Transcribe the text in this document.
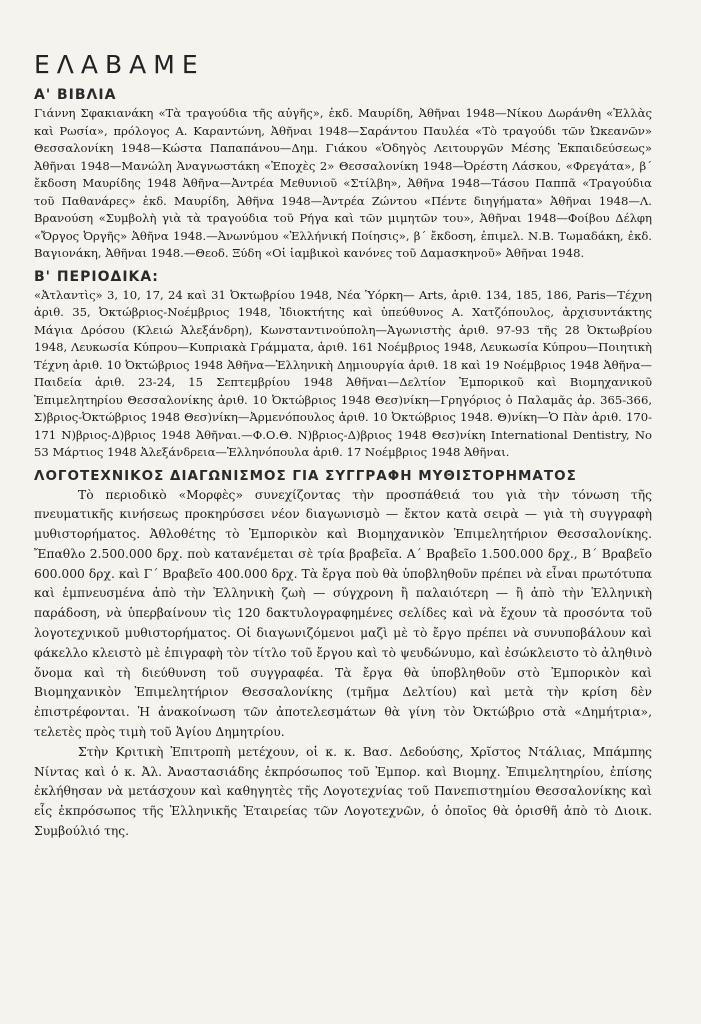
ΕΛΑΒΑΜΕ
Α' ΒΙΒΛΙΑ

Γιάννη Σφακιανάκη «Τὰ τραγούδια τῆς αὐγῆς», ἐκδ. Μαυρίδη, Ἀθῆναι 1948—Νίκου Δωράνθη «Ἑλλὰς καὶ Ρωσία», πρόλογος Α. Καραντώνη, Ἀθῆναι 1948—Σαράντου Παυλέα «Τὸ τραγούδι τῶν Ὠκεανῶν» Θεσσαλονίκη 1948—Κώστα Παπαπάνου—Δημ. Γιάκου «Ὁδηγὸς Λειτουργῶν Μέσης Ἐκπαιδεύσεως» Ἀθῆναι 1948—Μανώλη Ἀναγνωστάκη «Ἐποχὲς 2» Θεσσαλονίκη 1948—Ὀρέστη Λάσκου, «Φρεγάτα», β΄ ἔκδοση Μαυρίδης 1948 Ἀθῆνα—Ἀντρέα Μεθυνιοῦ «Στίλβη», Ἀθῆνα 1948—Τάσου Παππᾶ «Τραγούδια τοῦ Παθανάρες» ἐκδ. Μαυρίδη, Ἀθῆνα 1948—Ἀντρέα Ζώντου «Πέντε διηγήματα» Ἀθῆναι 1948—Λ. Βρανούση «Συμβολὴ γιὰ τὰ τραγούδια τοῦ Ρήγα καὶ τῶν μιμητῶν του», Ἀθῆναι 1948—Φοίβου Δέλφη «Ὄργος Ὀργῆς» Ἀθῆνα 1948.—Ἀνωνύμου «Ἐλλήνική Ποίησις», β΄ ἔκδοση, ἐπιμελ. Ν.Β. Τωμαδάκη, ἐκδ. Βαγιονάκη, Ἀθῆναι 1948.—Θεοδ. Ξύδη «Οἱ ἰαμβικοὶ κανόνες τοῦ Δαμασκηνοῦ» Ἀθῆναι 1948.

Β' ΠΕΡΙΟΔΙΚΑ:

«Ἀτλαντὶς» 3, 10, 17, 24 καὶ 31 Ὀκτωβρίου 1948, Νέα Ὑόρκη— Arts, ἀριθ. 134, 185, 186, Paris—Τέχνη ἀριθ. 35, Ὀκτώβριος-Νοέμβριος 1948, Ἰδιοκτήτης καὶ ὑπεύθυνος Α. Χατζόπουλος, ἀρχισυντάκτης Μάγια Δρόσου (Κλειώ Ἀλεξάνδρη), Κωνσταντινούπολη—Ἀγωνιστὴς ἀριθ. 97-93 τῆς 28 Ὀκτωβρίου 1948, Λευκωσία Κύπρου—Κυπριακὰ Γράμματα, ἀριθ. 161 Νοέμβριος 1948, Λευκωσία Κύπρου—Ποιητικὴ Τέχνη ἀριθ. 10 Ὀκτώβριος 1948 Ἀθῆνα—Ἑλληνικὴ Δημιουργία ἀριθ. 18 καὶ 19 Νοέμβριος 1948 Ἀθῆνα—Παιδεία ἀριθ. 23-24, 15 Σεπτεμβρίου 1948 Ἀθῆναι—Δελτίον Ἐμπορικοῦ καὶ Βιομηχανικοῦ Ἐπιμελητηρίου Θεσσαλονίκης ἀριθ. 10 Ὀκτώβριος 1948 Θεσ)νίκη—Γρηγόριος ὁ Παλαμᾶς ἀρ. 365-366, Σ)βριος-Ὀκτώβριος 1948 Θεσ)νίκη—Ἀρμενόπουλος ἀριθ. 10 Ὀκτώβριος 1948. Θ)νίκη—Ὁ Πὰν ἀριθ. 170-171 Ν)βριος-Δ)βριος 1948 Ἀθῆναι.—Φ.Ο.Θ. Ν)βριος-Δ)βριος 1948 Θεσ)νίκη International Dentistry, No 53 Μάρτιος 1948 Ἀλεξάνδρεια—Ἑλληνόπουλα ἀριθ. 17 Νοέμβριος 1948 Ἀθῆναι.

ΛΟΓΟΤΕΧΝΙΚΟΣ ΔΙΑΓΩΝΙΣΜΟΣ ΓΙΑ ΣΥΓΓΡΑΦΗ ΜΥΘΙΣΤΟΡΗΜΑΤΟΣ

Τὸ περιοδικὸ «Μορφὲς» συνεχίζοντας τὴν προσπάθειά του γιὰ τὴν τόνωση τῆς πνευματικῆς κινήσεως προκηρύσσει νέον διαγωνισμὸ — ἔκτον κατὰ σειρὰ — γιὰ τὴ συγγραφὴ μυθιστορήματος. Ἀθλοθέτης τὸ Ἐμπορικὸν καὶ Βιομηχανικὸν Ἐπιμελητήριον Θεσσαλονίκης. Ἔπαθλο 2.500.000 δρχ. ποὺ κατανέμεται σὲ τρία βραβεῖα. Α΄ Βραβεῖο 1.500.000 δρχ., Β΄ Βραβεῖο 600.000 δρχ. καὶ Γ΄ Βραβεῖο 400.000 δρχ. Τὰ ἔργα ποὺ θὰ ὑποβληθοῦν πρέπει νὰ εἶναι πρωτότυπα καὶ ἐμπνευσμένα ἀπὸ τὴν Ἑλληνικὴ ζωὴ — σύγχρονη ἢ παλαιότερη — ἢ ἀπὸ τὴν Ἑλληνικὴ παράδοση, νὰ ὑπερβαίνουν τὶς 120 δακτυλογραφημένες σελίδες καὶ νὰ ἔχουν τὰ προσόντα τοῦ λογοτεχνικοῦ μυθιστορήματος. Οἱ διαγωνιζόμενοι μαζὶ μὲ τὸ ἔργο πρέπει νὰ συνυποβάλουν καὶ φάκελλο κλειστὸ μὲ ἐπιγραφὴ τὸν τίτλο τοῦ ἔργου καὶ τὸ ψευδώνυμο, καὶ ἐσώκλειστο τὸ ἀληθινὸ ὄνομα καὶ τὴ διεύθυνση τοῦ συγγραφέα. Τὰ ἔργα θὰ ὑποβληθοῦν στὸ Ἐμπορικὸν καὶ Βιομηχανικὸν Ἐπιμελητήριον Θεσσαλονίκης (τμῆμα Δελτίου) καὶ μετὰ τὴν κρίση δὲν ἐπιστρέφονται. Ἡ ἀνακοίνωση τῶν ἀποτελεσμάτων θὰ γίνη τὸν Ὀκτώβριο στὰ «Δημήτρια», τελετὲς πρὸς τιμὴ τοῦ Ἁγίου Δημητρίου.

Στὴν Κριτικὴ Ἐπιτροπὴ μετέχουν, οἱ κ. κ. Βασ. Δεδούσης, Χρῖστος Ντάλιας, Μπάμπης Νίντας καὶ ὁ κ. Ἀλ. Ἀναστασιάδης ἐκπρόσωπος τοῦ Ἐμπορ. καὶ Βιομηχ. Ἐπιμελητηρίου, ἐπίσης ἐκλήθησαν νὰ μετάσχουν καὶ καθηγητὲς τῆς Λογοτεχνίας τοῦ Πανεπιστημίου Θεσσαλονίκης καὶ εἷς ἐκπρόσωπος τῆς Ἑλληνικῆς Ἑταιρείας τῶν Λογοτεχνῶν, ὁ ὁποῖος θὰ ὁρισθῆ ἀπὸ τὸ Διοικ. Συμβούλιό της.
